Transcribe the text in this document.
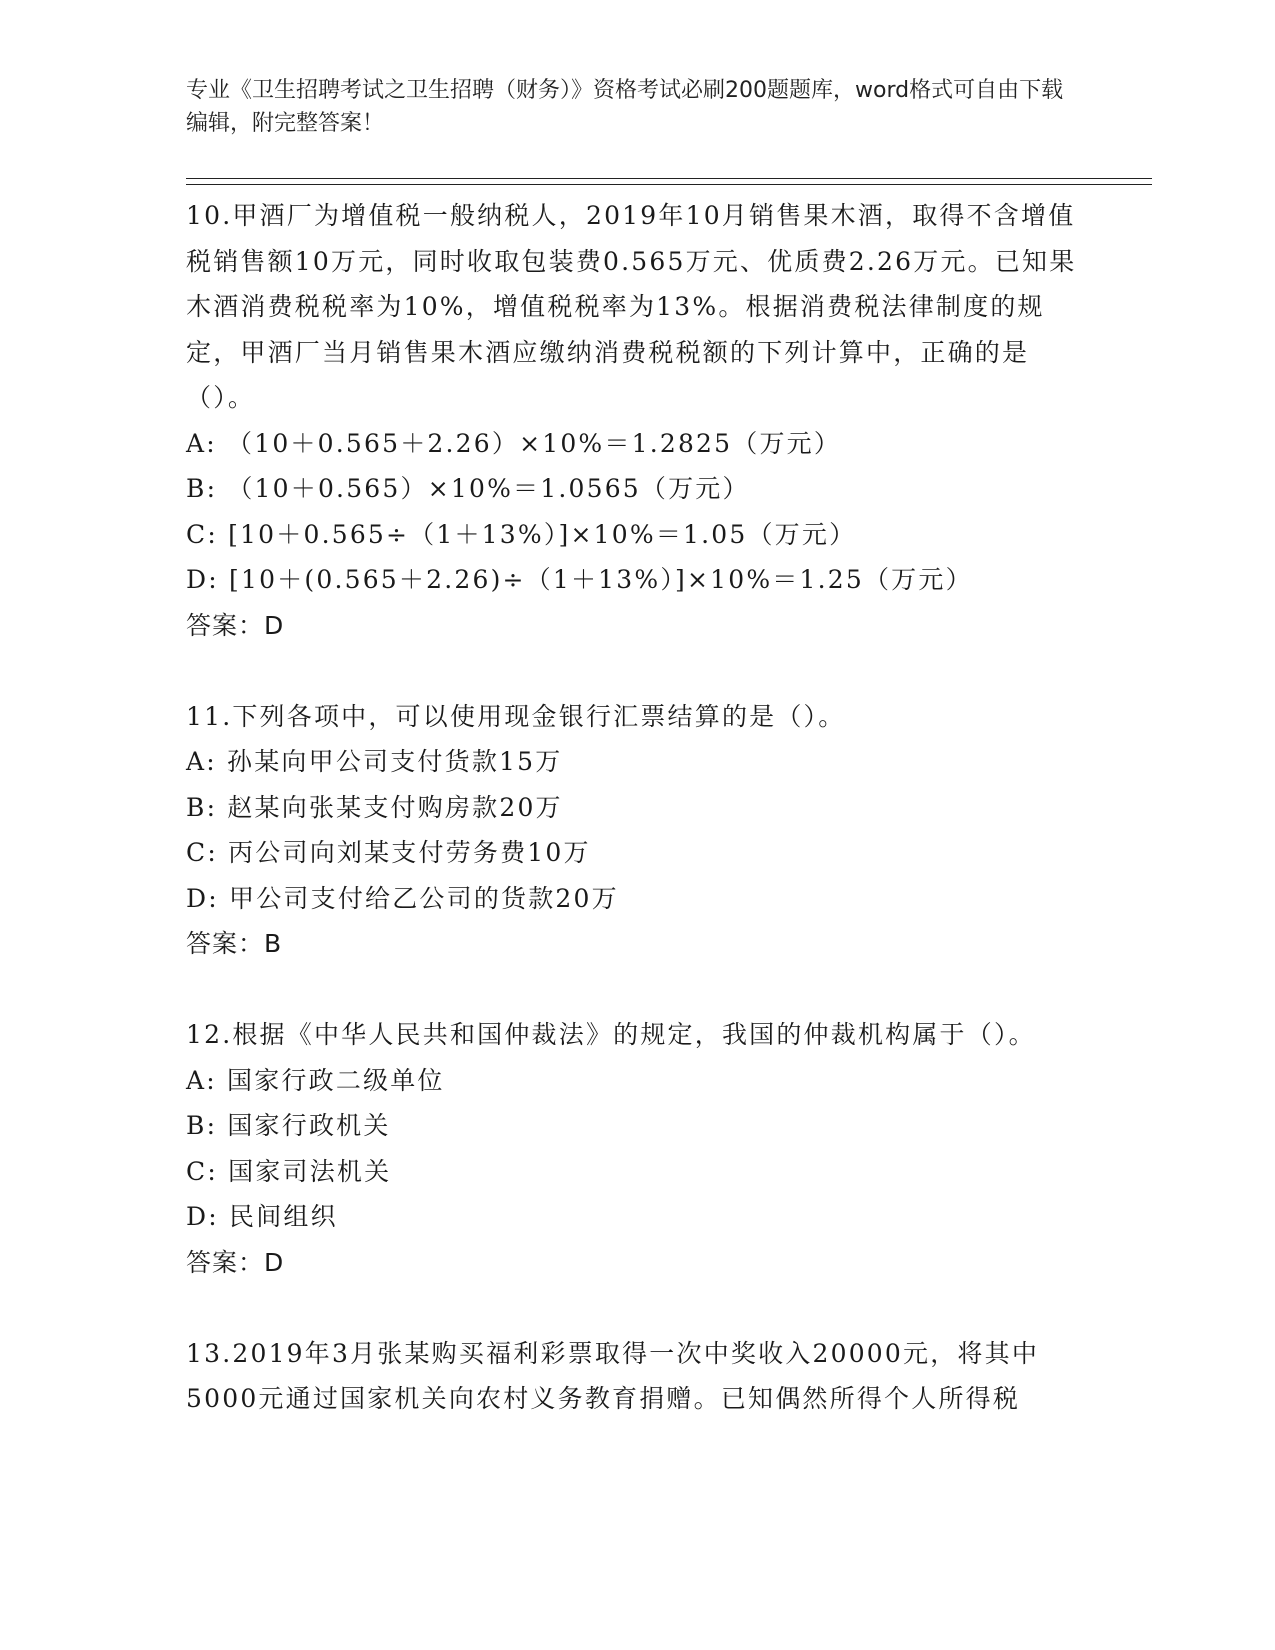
专业《卫生招聘考试之卫生招聘（财务）》资格考试必刷200题题库，word格式可自由下载编辑，附完整答案！

10.甲酒厂为增值税一般纳税人，2019年10月销售果木酒，取得不含增值税销售额10万元，同时收取包装费0.565万元、优质费2.26万元。已知果木酒消费税税率为10%，增值税税率为13%。根据消费税法律制度的规定，甲酒厂当月销售果木酒应缴纳消费税税额的下列计算中，正确的是（）。

A: （10＋0.565＋2.26）×10%＝1.2825（万元）

B: （10＋0.565）×10%＝1.0565（万元）

C: [10＋0.565÷（1＋13%）]×10%＝1.05（万元）

D: [10＋(0.565＋2.26)÷（1＋13%）]×10%＝1.25（万元）

答案：D

11.下列各项中，可以使用现金银行汇票结算的是（）。

A: 孙某向甲公司支付货款15万

B: 赵某向张某支付购房款20万

C: 丙公司向刘某支付劳务费10万

D: 甲公司支付给乙公司的货款20万

答案：B

12.根据《中华人民共和国仲裁法》的规定，我国的仲裁机构属于（）。

A: 国家行政二级单位

B: 国家行政机关

C: 国家司法机关

D: 民间组织

答案：D

13.2019年3月张某购买福利彩票取得一次中奖收入20000元，将其中5000元通过国家机关向农村义务教育捐赠。已知偶然所得个人所得税
